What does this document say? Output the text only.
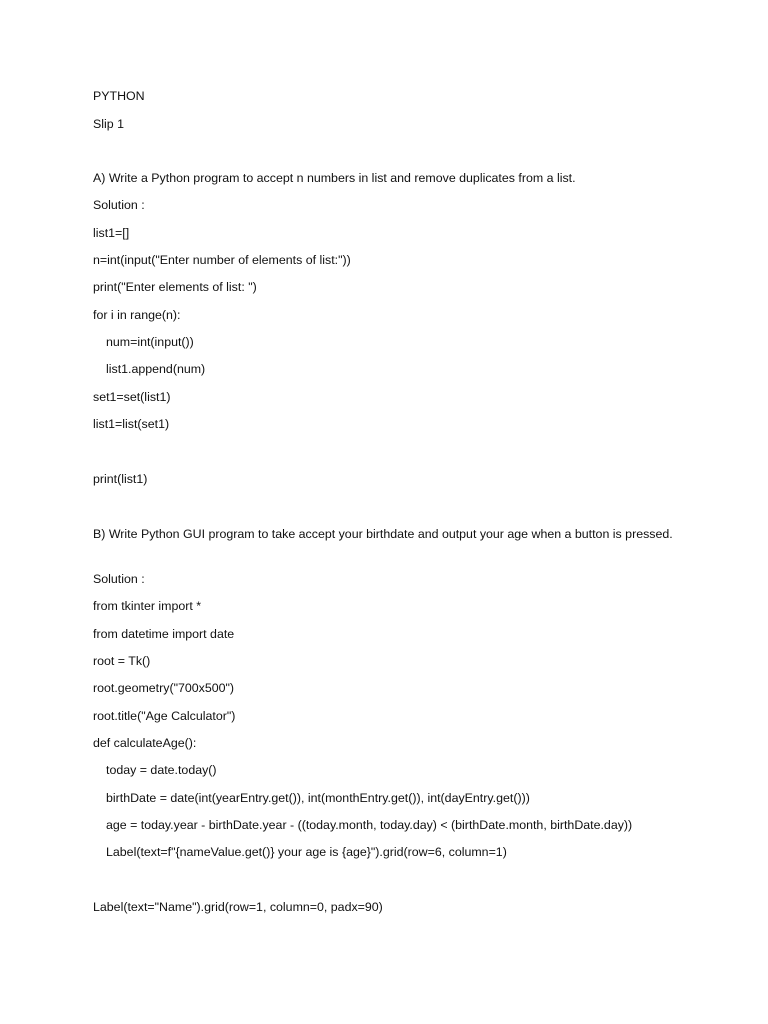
PYTHON
Slip 1
A) Write a Python program to accept n numbers in list and remove duplicates from a list.
Solution :
list1=[]
n=int(input("Enter number of elements of list:"))
print("Enter elements of list: ")
for i in range(n):
num=int(input())
list1.append(num)
set1=set(list1)
list1=list(set1)
print(list1)
B) Write Python GUI program to take accept your birthdate and output your age when a button is pressed.
Solution :
from tkinter import *
from datetime import date
root = Tk()
root.geometry("700x500")
root.title("Age Calculator")
def calculateAge():
today = date.today()
birthDate = date(int(yearEntry.get()), int(monthEntry.get()), int(dayEntry.get()))
age = today.year - birthDate.year - ((today.month, today.day) < (birthDate.month, birthDate.day))
Label(text=f"{nameValue.get()} your age is {age}").grid(row=6, column=1)
Label(text="Name").grid(row=1, column=0, padx=90)
